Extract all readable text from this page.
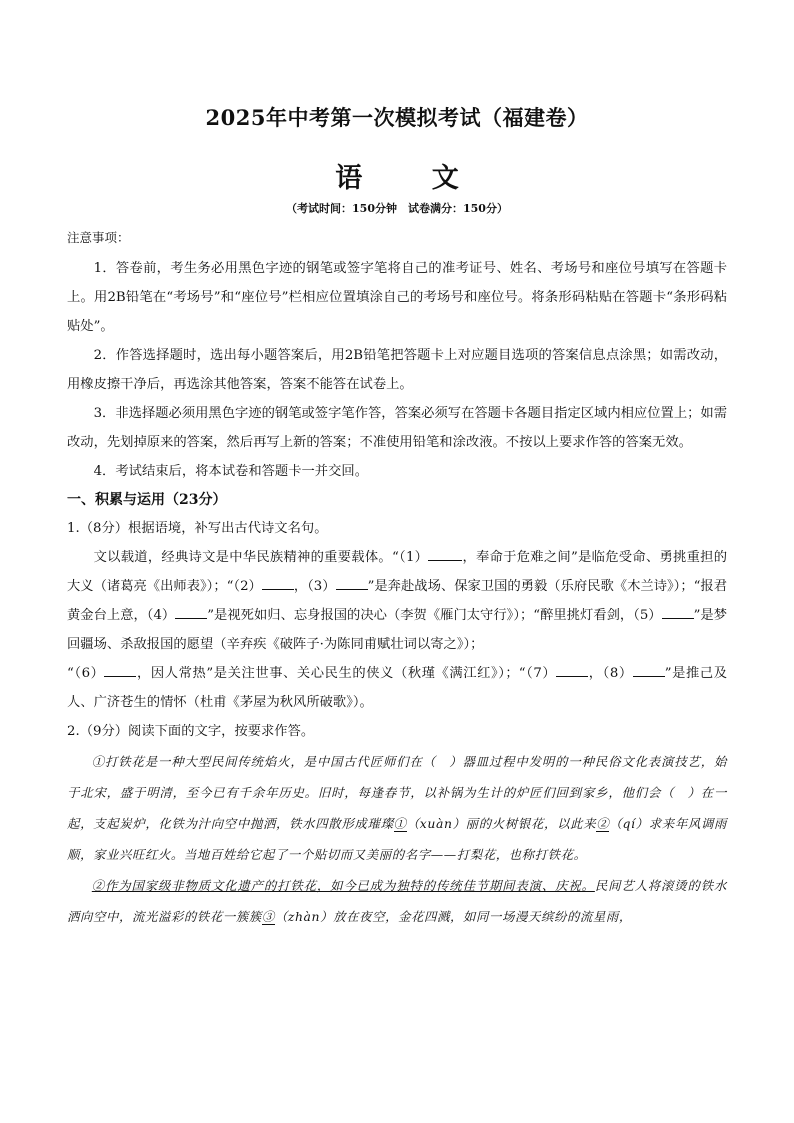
2025年中考第一次模拟考试（福建卷）
语 文
（考试时间：150分钟　试卷满分：150分）

注意事项：

1．答卷前，考生务必用黑色字迹的钢笔或签字笔将自己的准考证号、姓名、考场号和座位号填写在答题卡上。用2B铅笔在“考场号”和“座位号”栏相应位置填涂自己的考场号和座位号。将条形码粘贴在答题卡“条形码粘贴处”。

2．作答选择题时，选出每小题答案后，用2B铅笔把答题卡上对应题目选项的答案信息点涂黑；如需改动，用橡皮擦干净后，再选涂其他答案，答案不能答在试卷上。

3．非选择题必须用黑色字迹的钢笔或签字笔作答，答案必须写在答题卡各题目指定区域内相应位置上；如需改动，先划掉原来的答案，然后再写上新的答案；不准使用铅笔和涂改液。不按以上要求作答的答案无效。

4．考试结束后，将本试卷和答题卡一并交回。

一、积累与运用（23分）

1.（8分）根据语境，补写出古代诗文名句。

文以载道，经典诗文是中华民族精神的重要载体。“（1）	，奉命于危难之间”是临危受命、勇挑重担的大义（诸葛亮《出师表》）；“（2） ，（3） ”是奔赴战场、保家卫国的勇毅（乐府民歌《木兰诗》）；“报君黄金台上意，（4） ”是视死如归、忘身报国的决心（李贺《雁门太守行》）；“醉里挑灯看剑，（5） ”是梦回疆场、杀敌报国的愿望（辛弃疾《破阵子·为陈同甫赋壮词以寄之》）；

“（6） ，因人常热”是关注世事、关心民生的侠义（秋瑾《满江红》）；“（7） ，（8） ”是推己及人、广济苍生的情怀（杜甫《茅屋为秋风所破歌》）。

2.（9分）阅读下面的文字，按要求作答。

①打铁花是一种大型民间传统焰火，是中国古代匠师们在（　）器皿过程中发明的一种民俗文化表演技艺，始于北宋，盛于明清，至今已有千余年历史。旧时，每逢春节，以补锅为生计的炉匠们回到家乡，他们会（　）在一起，支起炭炉，化铁为汁向空中抛洒，铁水四散形成璀璨①（xuàn）丽的火树银花，以此来②（qí）求来年风调雨顺，家业兴旺红火。当地百姓给它起了一个贴切而又美丽的名字——打梨花，也称打铁花。

②作为国家级非物质文化遗产的打铁花，如今已成为独特的传统佳节期间表演、庆祝。民间艺人将滚烫的铁水洒向空中，流光溢彩的铁花一簇簇③（zhàn）放在夜空，金花四溅，如同一场漫天缤纷的流星雨，
